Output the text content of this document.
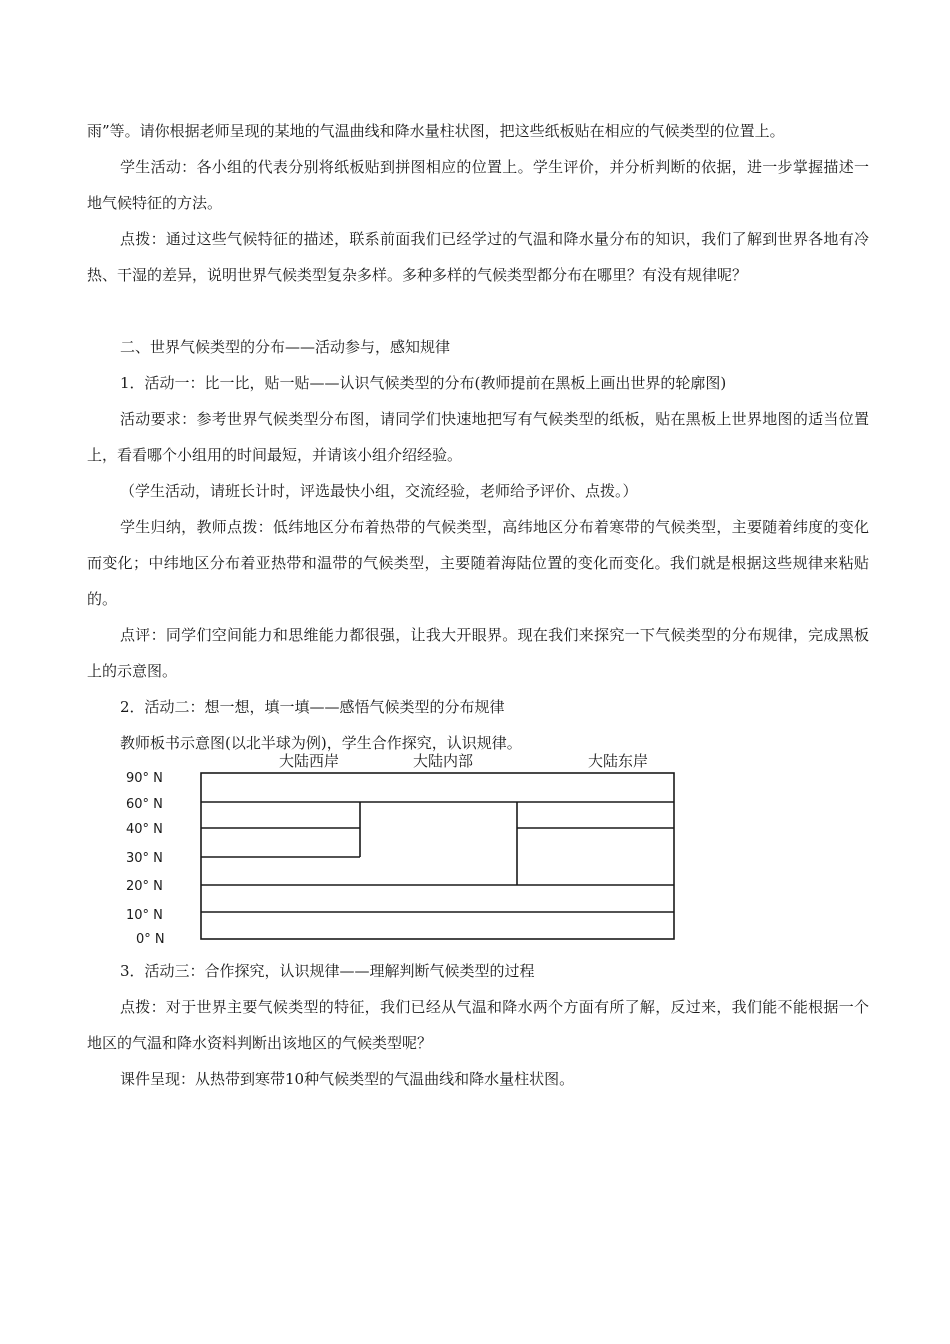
雨”等。请你根据老师呈现的某地的气温曲线和降水量柱状图，把这些纸板贴在相应的气候类型的位置上。

学生活动：各小组的代表分别将纸板贴到拼图相应的位置上。学生评价，并分析判断的依据，进一步掌握描述一地气候特征的方法。

点拨：通过这些气候特征的描述，联系前面我们已经学过的气温和降水量分布的知识，我们了解到世界各地有冷热、干湿的差异，说明世界气候类型复杂多样。多种多样的气候类型都分布在哪里？有没有规律呢？

二、世界气候类型的分布——活动参与，感知规律

1．活动一：比一比，贴一贴——认识气候类型的分布(教师提前在黑板上画出世界的轮廓图)

活动要求：参考世界气候类型分布图，请同学们快速地把写有气候类型的纸板，贴在黑板上世界地图的适当位置上，看看哪个小组用的时间最短，并请该小组介绍经验。

（学生活动，请班长计时，评选最快小组，交流经验，老师给予评价、点拨。）

学生归纳，教师点拨：低纬地区分布着热带的气候类型，高纬地区分布着寒带的气候类型，主要随着纬度的变化而变化；中纬地区分布着亚热带和温带的气候类型，主要随着海陆位置的变化而变化。我们就是根据这些规律来粘贴的。

点评：同学们空间能力和思维能力都很强，让我大开眼界。现在我们来探究一下气候类型的分布规律，完成黑板上的示意图。

2．活动二：想一想，填一填——感悟气候类型的分布规律

教师板书示意图(以北半球为例)，学生合作探究，认识规律。

大陆西岸	大陆内部	大陆东岸
90° N
60° N
40° N
30° N
20° N
10° N
0° N

3．活动三：合作探究，认识规律——理解判断气候类型的过程

点拨：对于世界主要气候类型的特征，我们已经从气温和降水两个方面有所了解，反过来，我们能不能根据一个地区的气温和降水资料判断出该地区的气候类型呢？

课件呈现：从热带到寒带10种气候类型的气温曲线和降水量柱状图。
